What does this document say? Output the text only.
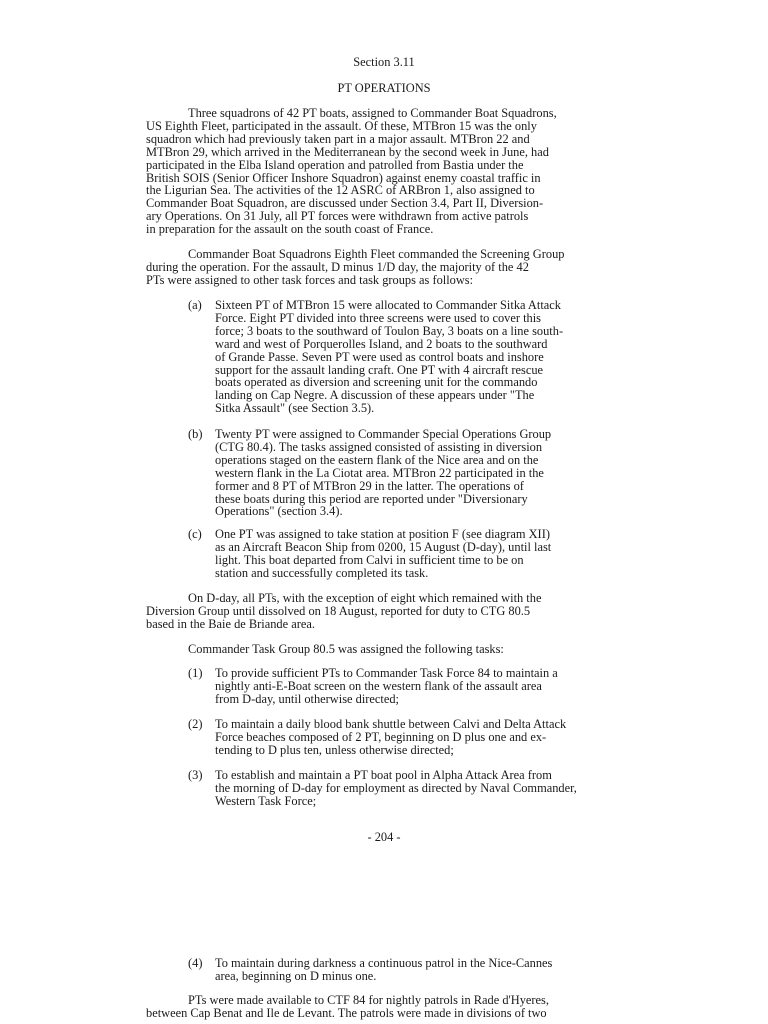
Section 3.11
PT OPERATIONS
Three squadrons of 42 PT boats, assigned to Commander Boat Squadrons,
US Eighth Fleet, participated in the assault. Of these, MTBron 15 was the only
squadron which had previously taken part in a major assault. MTBron 22 and
MTBron 29, which arrived in the Mediterranean by the second week in June, had
participated in the Elba Island operation and patrolled from Bastia under the
British SOIS (Senior Officer Inshore Squadron) against enemy coastal traffic in
the Ligurian Sea. The activities of the 12 ASRC of ARBron 1, also assigned to
Commander Boat Squadron, are discussed under Section 3.4, Part II, Diversion-
ary Operations. On 31 July, all PT forces were withdrawn from active patrols
in preparation for the assault on the south coast of France.
Commander Boat Squadrons Eighth Fleet commanded the Screening Group
during the operation. For the assault, D minus 1/D day, the majority of the 42
PTs were assigned to other task forces and task groups as follows:
(a)	Sixteen PT of MTBron 15 were allocated to Commander Sitka Attack
Force. Eight PT divided into three screens were used to cover this
force; 3 boats to the southward of Toulon Bay, 3 boats on a line south-
ward and west of Porquerolles Island, and 2 boats to the southward
of Grande Passe. Seven PT were used as control boats and inshore
support for the assault landing craft. One PT with 4 aircraft rescue
boats operated as diversion and screening unit for the commando
landing on Cap Negre. A discussion of these appears under "The
Sitka Assault" (see Section 3.5).
(b)	Twenty PT were assigned to Commander Special Operations Group
(CTG 80.4). The tasks assigned consisted of assisting in diversion
operations staged on the eastern flank of the Nice area and on the
western flank in the La Ciotat area. MTBron 22 participated in the
former and 8 PT of MTBron 29 in the latter. The operations of
these boats during this period are reported under "Diversionary
Operations" (section 3.4).
(c)	One PT was assigned to take station at position F (see diagram XII)
as an Aircraft Beacon Ship from 0200, 15 August (D-day), until last
light. This boat departed from Calvi in sufficient time to be on
station and successfully completed its task.
On D-day, all PTs, with the exception of eight which remained with the
Diversion Group until dissolved on 18 August, reported for duty to CTG 80.5
based in the Baie de Briande area.
Commander Task Group 80.5 was assigned the following tasks:
(1)	To provide sufficient PTs to Commander Task Force 84 to maintain a
nightly anti-E-Boat screen on the western flank of the assault area
from D-day, until otherwise directed;
(2)	To maintain a daily blood bank shuttle between Calvi and Delta Attack
Force beaches composed of 2 PT, beginning on D plus one and ex-
tending to D plus ten, unless otherwise directed;
(3)	To establish and maintain a PT boat pool in Alpha Attack Area from
the morning of D-day for employment as directed by Naval Commander,
Western Task Force;
- 204 -
(4)	To maintain during darkness a continuous patrol in the Nice-Cannes
area, beginning on D minus one.
PTs were made available to CTF 84 for nightly patrols in Rade d'Hyeres,
between Cap Benat and Ile de Levant. The patrols were made in divisions of two
